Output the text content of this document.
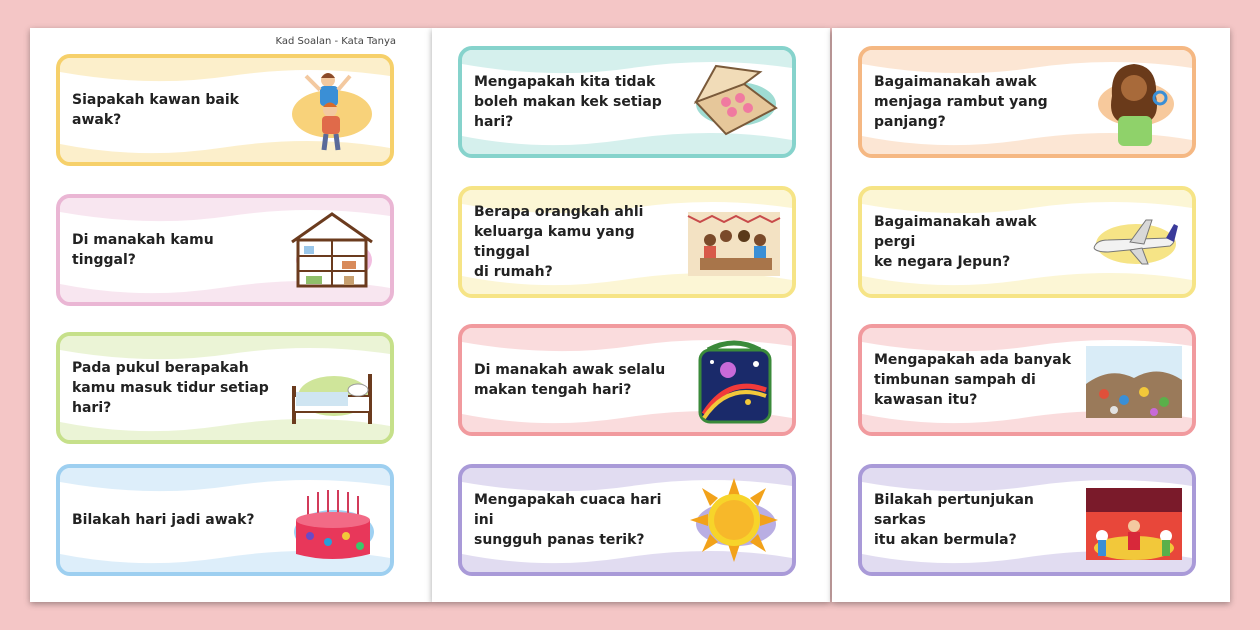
Kad Soalan - Kata Tanya
Siapakah kawan baik
awak?
Di manakah kamu tinggal?
Pada pukul berapakah
kamu masuk tidur setiap
hari?
Bilakah hari jadi awak?
Mengapakah kita tidak
boleh makan kek setiap
hari?
Berapa orangkah ahli
keluarga kamu yang tinggal
di rumah?
Di manakah awak selalu
makan tengah hari?
Mengapakah cuaca hari ini
sungguh panas terik?
Bagaimanakah awak
menjaga rambut yang
panjang?
Bagaimanakah awak pergi
ke negara Jepun?
Mengapakah ada banyak
timbunan sampah di
kawasan itu?
Bilakah pertunjukan sarkas
itu akan bermula?
